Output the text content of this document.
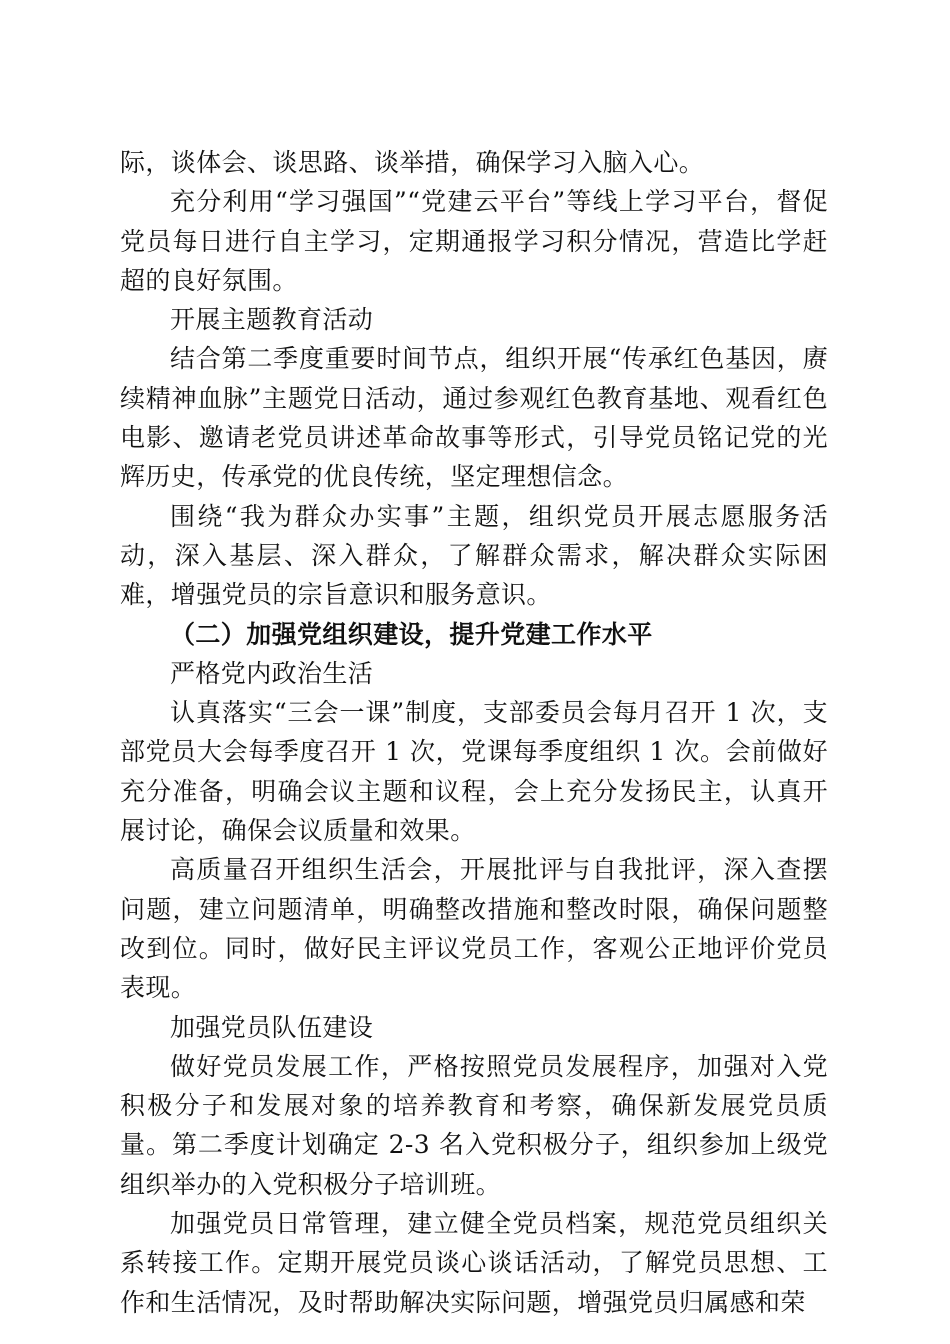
际，谈体会、谈思路、谈举措，确保学习入脑入心。

充分利用“学习强国”“党建云平台”等线上学习平台，督促党员每日进行自主学习，定期通报学习积分情况，营造比学赶超的良好氛围。

开展主题教育活动

结合第二季度重要时间节点，组织开展“传承红色基因，赓续精神血脉”主题党日活动，通过参观红色教育基地、观看红色电影、邀请老党员讲述革命故事等形式，引导党员铭记党的光辉历史，传承党的优良传统，坚定理想信念。

围绕“我为群众办实事”主题，组织党员开展志愿服务活动，深入基层、深入群众，了解群众需求，解决群众实际困难，增强党员的宗旨意识和服务意识。

（二）加强党组织建设，提升党建工作水平

严格党内政治生活

认真落实“三会一课”制度，支部委员会每月召开 1 次，支部党员大会每季度召开 1 次，党课每季度组织 1 次。会前做好充分准备，明确会议主题和议程，会上充分发扬民主，认真开展讨论，确保会议质量和效果。

高质量召开组织生活会，开展批评与自我批评，深入查摆问题，建立问题清单，明确整改措施和整改时限，确保问题整改到位。同时，做好民主评议党员工作，客观公正地评价党员表现。

加强党员队伍建设

做好党员发展工作，严格按照党员发展程序，加强对入党积极分子和发展对象的培养教育和考察，确保新发展党员质量。第二季度计划确定 2-3 名入党积极分子，组织参加上级党组织举办的入党积极分子培训班。

加强党员日常管理，建立健全党员档案，规范党员组织关系转接工作。定期开展党员谈心谈话活动，了解党员思想、工作和生活情况，及时帮助解决实际问题，增强党员归属感和荣
